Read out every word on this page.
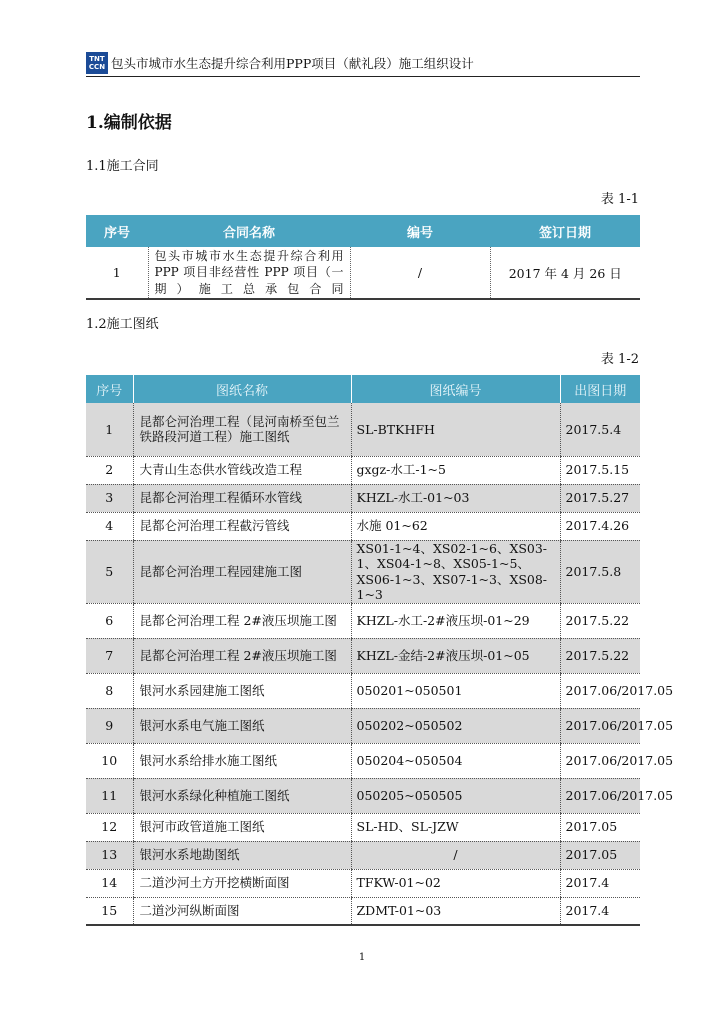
TNT
CCN 包头市城市水生态提升综合利用PPP项目（献礼段）施工组织设计
1.编制依据
1.1施工合同
表 1-1
序号	合同名称	编号	签订日期
1	包头市城市水生态提升综合利用 PPP 项目非经营性 PPP 项目（一期）施工总承包合同	/	2017 年 4 月 26 日
1.2施工图纸
表 1-2
序号	图纸名称	图纸编号	出图日期
1	昆都仑河治理工程（昆河南桥至包兰铁路段河道工程）施工图纸	SL-BTKHFH	2017.5.4
2	大青山生态供水管线改造工程	gxgz-水工-1~5	2017.5.15
3	昆都仑河治理工程循环水管线	KHZL-水工-01~03	2017.5.27
4	昆都仑河治理工程截污管线	水施 01~62	2017.4.26
5	昆都仑河治理工程园建施工图	XS01-1~4、XS02-1~6、XS03-1、XS04-1~8、XS05-1~5、XS06-1~3、XS07-1~3、XS08-1~3	2017.5.8
6	昆都仑河治理工程 2#液压坝施工图	KHZL-水工-2#液压坝-01~29	2017.5.22
7	昆都仑河治理工程 2#液压坝施工图	KHZL-金结-2#液压坝-01~05	2017.5.22
8	银河水系园建施工图纸	050201~050501	2017.06/2017.05
9	银河水系电气施工图纸	050202~050502	2017.06/2017.05
10	银河水系给排水施工图纸	050204~050504	2017.06/2017.05
11	银河水系绿化种植施工图纸	050205~050505	2017.06/2017.05
12	银河市政管道施工图纸	SL-HD、SL-JZW	2017.05
13	银河水系地勘图纸	/	2017.05
14	二道沙河土方开挖横断面图	TFKW-01~02	2017.4
15	二道沙河纵断面图	ZDMT-01~03	2017.4
1
